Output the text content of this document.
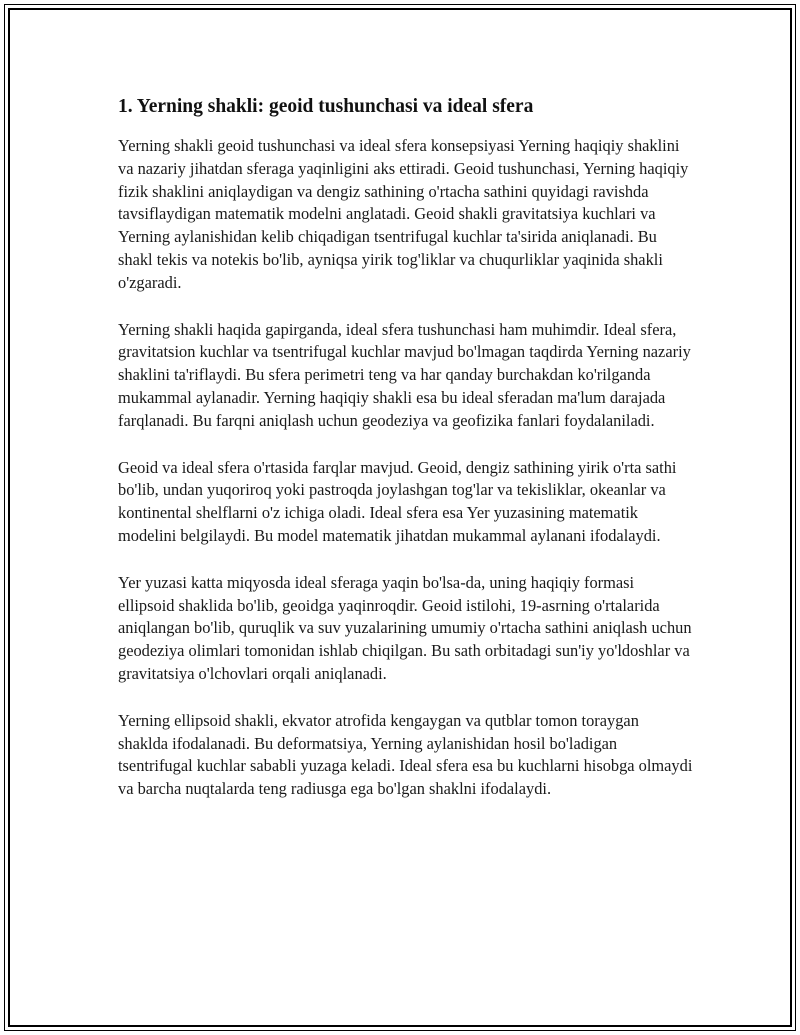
1. Yerning shakli: geoid tushunchasi va ideal sfera

Yerning shakli geoid tushunchasi va ideal sfera konsepsiyasi Yerning haqiqiy shaklini va nazariy jihatdan sferaga yaqinligini aks ettiradi. Geoid tushunchasi, Yerning haqiqiy fizik shaklini aniqlaydigan va dengiz sathining o'rtacha sathini quyidagi ravishda tavsiflaydigan matematik modelni anglatadi. Geoid shakli gravitatsiya kuchlari va Yerning aylanishidan kelib chiqadigan tsentrifugal kuchlar ta'sirida aniqlanadi. Bu shakl tekis va notekis bo'lib, ayniqsa yirik tog'liklar va chuqurliklar yaqinida shakli o'zgaradi.

Yerning shakli haqida gapirganda, ideal sfera tushunchasi ham muhimdir. Ideal sfera, gravitatsion kuchlar va tsentrifugal kuchlar mavjud bo'lmagan taqdirda Yerning nazariy shaklini ta'riflaydi. Bu sfera perimetri teng va har qanday burchakdan ko'rilganda mukammal aylanadir. Yerning haqiqiy shakli esa bu ideal sferadan ma'lum darajada farqlanadi. Bu farqni aniqlash uchun geodeziya va geofizika fanlari foydalaniladi.

Geoid va ideal sfera o'rtasida farqlar mavjud. Geoid, dengiz sathining yirik o'rta sathi bo'lib, undan yuqoriroq yoki pastroqda joylashgan tog'lar va tekisliklar, okeanlar va kontinental shelflarni o'z ichiga oladi. Ideal sfera esa Yer yuzasining matematik modelini belgilaydi. Bu model matematik jihatdan mukammal aylanani ifodalaydi.

Yer yuzasi katta miqyosda ideal sferaga yaqin bo'lsa-da, uning haqiqiy formasi ellipsoid shaklida bo'lib, geoidga yaqinroqdir. Geoid istilohi, 19-asrning o'rtalarida aniqlangan bo'lib, quruqlik va suv yuzalarining umumiy o'rtacha sathini aniqlash uchun geodeziya olimlari tomonidan ishlab chiqilgan. Bu sath orbitadagi sun'iy yo'ldoshlar va gravitatsiya o'lchovlari orqali aniqlanadi.

Yerning ellipsoid shakli, ekvator atrofida kengaygan va qutblar tomon toraygan shaklda ifodalanadi. Bu deformatsiya, Yerning aylanishidan hosil bo'ladigan tsentrifugal kuchlar sababli yuzaga keladi. Ideal sfera esa bu kuchlarni hisobga olmaydi va barcha nuqtalarda teng radiusga ega bo'lgan shaklni ifodalaydi.
